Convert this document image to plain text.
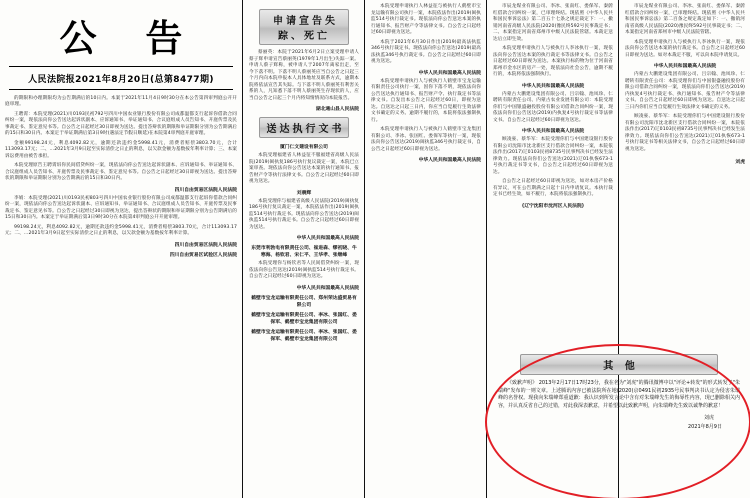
公 告
人民法院报2021年8月20日(总第8477期)

的期限和办理期限均为公告期满后的10日内。本案于2021年11月4日9时30分在本公告第四审判庭公开开庭审理。

王聘霄：本院受理(2021)川0193民初792号四川中国农业银行股份有限公司成都温都支行起诉你借款合同纠纷一案，现依法向你公告送达起诉状副本、应诉通知书、举证通知书、合议庭组成人员告知书、开庭传票及民事裁定书、鉴定意见书等。自公告之日起经过30日即视为送达。提出答辩状的期限和举证期限分别为公告期满后的15日和30日内。本案定于举证期满后第3日9时(遇法定节假日顺延)在本院第4审判庭开庭审理。

金额99198.24元，利息4092.82元，逾期还款违约金5998.41元，消费者赔偿3803.70元，合计113093.17元；二、…2021年3月9日起至实际清偿之日止的利息，以欠款金额为基数按年利率计算；三、本案诉讼费用由被告承担。

本院受理原告王聘霄诉你民间借贷纠纷一案，现依法向你公告送达起诉状副本、应诉通知书、举证通知书、合议庭组成人员告知书、开庭传票及民事裁定书、鉴定意见书等。自公告之日起经过30日即视为送达。提出答辩状的期限和举证期限分别为公告期满后的15日和30日内。

四川自由贸易区法院人民法院

李娟：本院受理(2021)川0193民初803号四川中国农业银行股份有限公司成都温都支行起诉你借款合同纠纷一案，现依法向你公告送达起诉状副本、应诉通知书、举证通知书、合议庭组成人员告知书、开庭传票及民事裁定书、鉴定意见书等。自公告之日起经过30日即视为送达，提出答辩状的期限和举证期限分别为公告期满后的15日和30日内。本案定于举证期满后第3日9时30分在本院第4审判庭公开开庭审理。

99198.24元，利息4092.82元，逾期还款违约金5998.41元，消费者赔偿3803.70元，合计113093.17元；二、…2021年3月9日起至实际清偿之日止的利息，以欠款金额为基数按年利率计算。

四川自由贸易区法院人民法院
四川自由贸易区试验区人民法院
申请宣告失踪、死亡

蔡丽英：本院于2021年6月2日立案受理申请人蔡子辉申请宣告蔡丽英(1979年1月出生)失踪一案。申请人蔡子辉称，被申请人于2007年离家出走，至今下落不明。下落不明人蔡丽英应当自公告之日起三个月内向本院申报本人具体地址及联系方式，逾期本院将依法宣告其失踪。与下落不明人蔡丽英有利害关系的人，凡知悉下落不明人蔡丽英生存现状的人，应当自公告之日起三个月内将知情情况向本院报告。

湖北通山县人民法院
送达执行文书
厦门仁文建设有限公司

本院受理福建省人林益征不服福建省高级人民法院(2019)闽执复186号执行复议裁定一案，本院已立案审查。现依法向你公告送达本案的执行通知书、报告财产令等执行法律文书。自公告之日起经过60日即视为送达。

刘晨辉

本院受理你与福建省高级人民法院(2019)闽执复186号执行复议裁定一案，本院依法作出(2019)闽执监514号执行裁定书。现依法向你公告送达(2019)闽执监514号执行裁定书。自公告之日起经过60日即视为送达。

中华人民共和国最高人民法院
东莞市利勃电有限责任公司、崔进森、缪初晓、牛寒海、杨钦君、宋仁平、王华孝、张继峰

本院受理你与杨钦君等人民间借贷纠纷一案，现依法向你公告送达(2019)闽执监514号执行裁定书。自公告之日起经过60日即视为送达。

中华人民共和国最高人民法院
鹤壁市宝龙运输有限责任公司、郑州荣达盛贸易有限公司
鹤壁市宝龙运输有限责任公司、李冰、张国红、娄保军、鹤壁市宝龙集团有限公司
鹤壁市宝龙运输有限责任公司、李冰、张国红、娄保军、鹤壁市宝龙集团有限公司

本院受理申请执行人林益征与被执行人鹤壁市宝龙运输有限公司执行一案，本院依法作出(2019)闽执监514号执行裁定书。现依法向你公告送达本案的执行通知书、报告财产令等法律文书。自公告之日起经过60日即视为送达。

本院于2021年6月30日作出(2019)最高法执监346号执行裁定书。现依法向你公告送达(2019)最高法执监346号执行裁定书。自公告之日起经过60日即视为送达。

中华人民共和国最高人民法院

本院受理申请执行人与被执行人鹤壁市宝龙运输有限责任公司执行一案，因你下落不明，现依法向你公告送达执行通知书、报告财产令、执行裁定书等法律文书。自发出本公告之日起经过60日，即视为送达。自送达之日起三日内，你应当自觉履行生效法律文书确定的义务。逾期不履行的，本院将依法强制执行。

本院受理申请执行人与被执行人鹤壁市宝龙集团有限公司、李冰、张国红、娄保军等执行一案，现依法向你公告送达(2019)闽执监346号执行裁定书，自公告之日起经过60日即视为送达。

中华人民共和国最高人民法院

市辰龙煤业有限公司、李冰、张南红、娄保军、秦蔚红借款合同纠纷一案，已审理终结。现依照《中华人民共和国民事诉讼法》第二百五十七条之规定裁定下：一、撤销河南省高级人民法院(2020)豫民终592号民事裁定书；二、本案指定河南省郑州市中级人民法院管辖。本裁定送达后立即生效。

本院受理申请执行人与被执行人李冰执行一案，现依法向你公告送达本案的执行裁定书等法律文书。自公告之日起经过60日即视为送达。本案执行标的物为位于河南省郑州市金水区的房产一处，现依法向社会公告，逾期不履行的，本院将依法强制执行。

中华人民共和国最高人民法院

内蒙古大鹏建设集团有限公司、吕宗翰、池凤珍、仁聘转有限责任公司、内蒙古农业发展有限公司：本院受理你们与中国银盛融投股份有限公司借款合同纠纷一案，现依法向你们公告送达(2019)内执复4号执行裁定书等法律文书。自公告之日起经过60日即视为送达。

中华人民共和国最高人民法院

顾凌豪、蔡华军：本院受理你们与中国建设银行股份有限公司沈阳市沈北新区支行借款合同纠纷一案，本院依法作出(2017)辽0103民初8735号民事判决书已经发生法律效力。现依法向你们公告送达(2021)辽01执恢673-1号执行裁定书等文书，自公告之日起经过60日即视为送达。

自公告之日起经过60日即视为送达，如对本房产价格有异议，可在公告期满之日起十日内申请复议。本执行裁定书已经生效，如不履行，本院将依法强制执行。

(辽宁沈阳市沈河区人民法院)

市辰龙煤业有限公司、李冰、张南红、娄保军、秦蔚红借款合同纠纷一案，已审理终结。现依照《中华人民共和国民事诉讼法》第二百条之规定裁定如下：一、撤销河南省高级人民法院(2020)豫民终592号民事裁定书；二、本案指定河南省郑州市中级人民法院管辖。

本院受理申请执行人与被执行人李冰执行一案，现依法向你公告送达本案的执行裁定书。自公告之日起经过60日即视为送达。如对本裁定不服，可以向本院申请复议。

中华人民共和国最高人民法院

内蒙古大鹏建设集团有限公司、吕宗翰、池凤珍、仁聘转有限责任公司：本院受理你们与中国银盛融投股份有限公司借款合同纠纷一案，现依法向你们公告送达(2019)内执复4号执行裁定书、执行通知书、报告财产令等法律文书。自公告之日起经过60日即视为送达。自送达之日起三日内你们应当自觉履行生效法律文书确定的义务。

顾凌豪、蔡华军：本院受理你们与中国建设银行股份有限公司沈阳市沈北新区支行借款合同纠纷一案，本院依法作出(2017)辽0103民初8735号民事判决书已经发生法律效力。现依法向你们公告送达(2021)辽01执恢673-1号执行裁定书等相关法律文书，自公告之日起经过60日即视为送达。

刘虎
其 他
《致歉声明》 2013年2月17日17时23分，我在名为"刘虎"的腾讯微博中以"评论+转发"的形式转发了"朱瑞峰"发布的一则文章。上述腾讯内容已被法院所在地(2020)京0491民初2935号民事判决书认定为侵害朱瑞峰的名誉权。现我向朱瑞峰郑重道歉：我认识到所发言论中含有对朱瑞峰先生的侮辱性内容，现已删除相关内容，并认真反省自己的过错，对此我深表歉意，并希望以此致歉声明，向朱瑞峰先生致以诚挚的歉意！
刘虎
2021年8月9日
